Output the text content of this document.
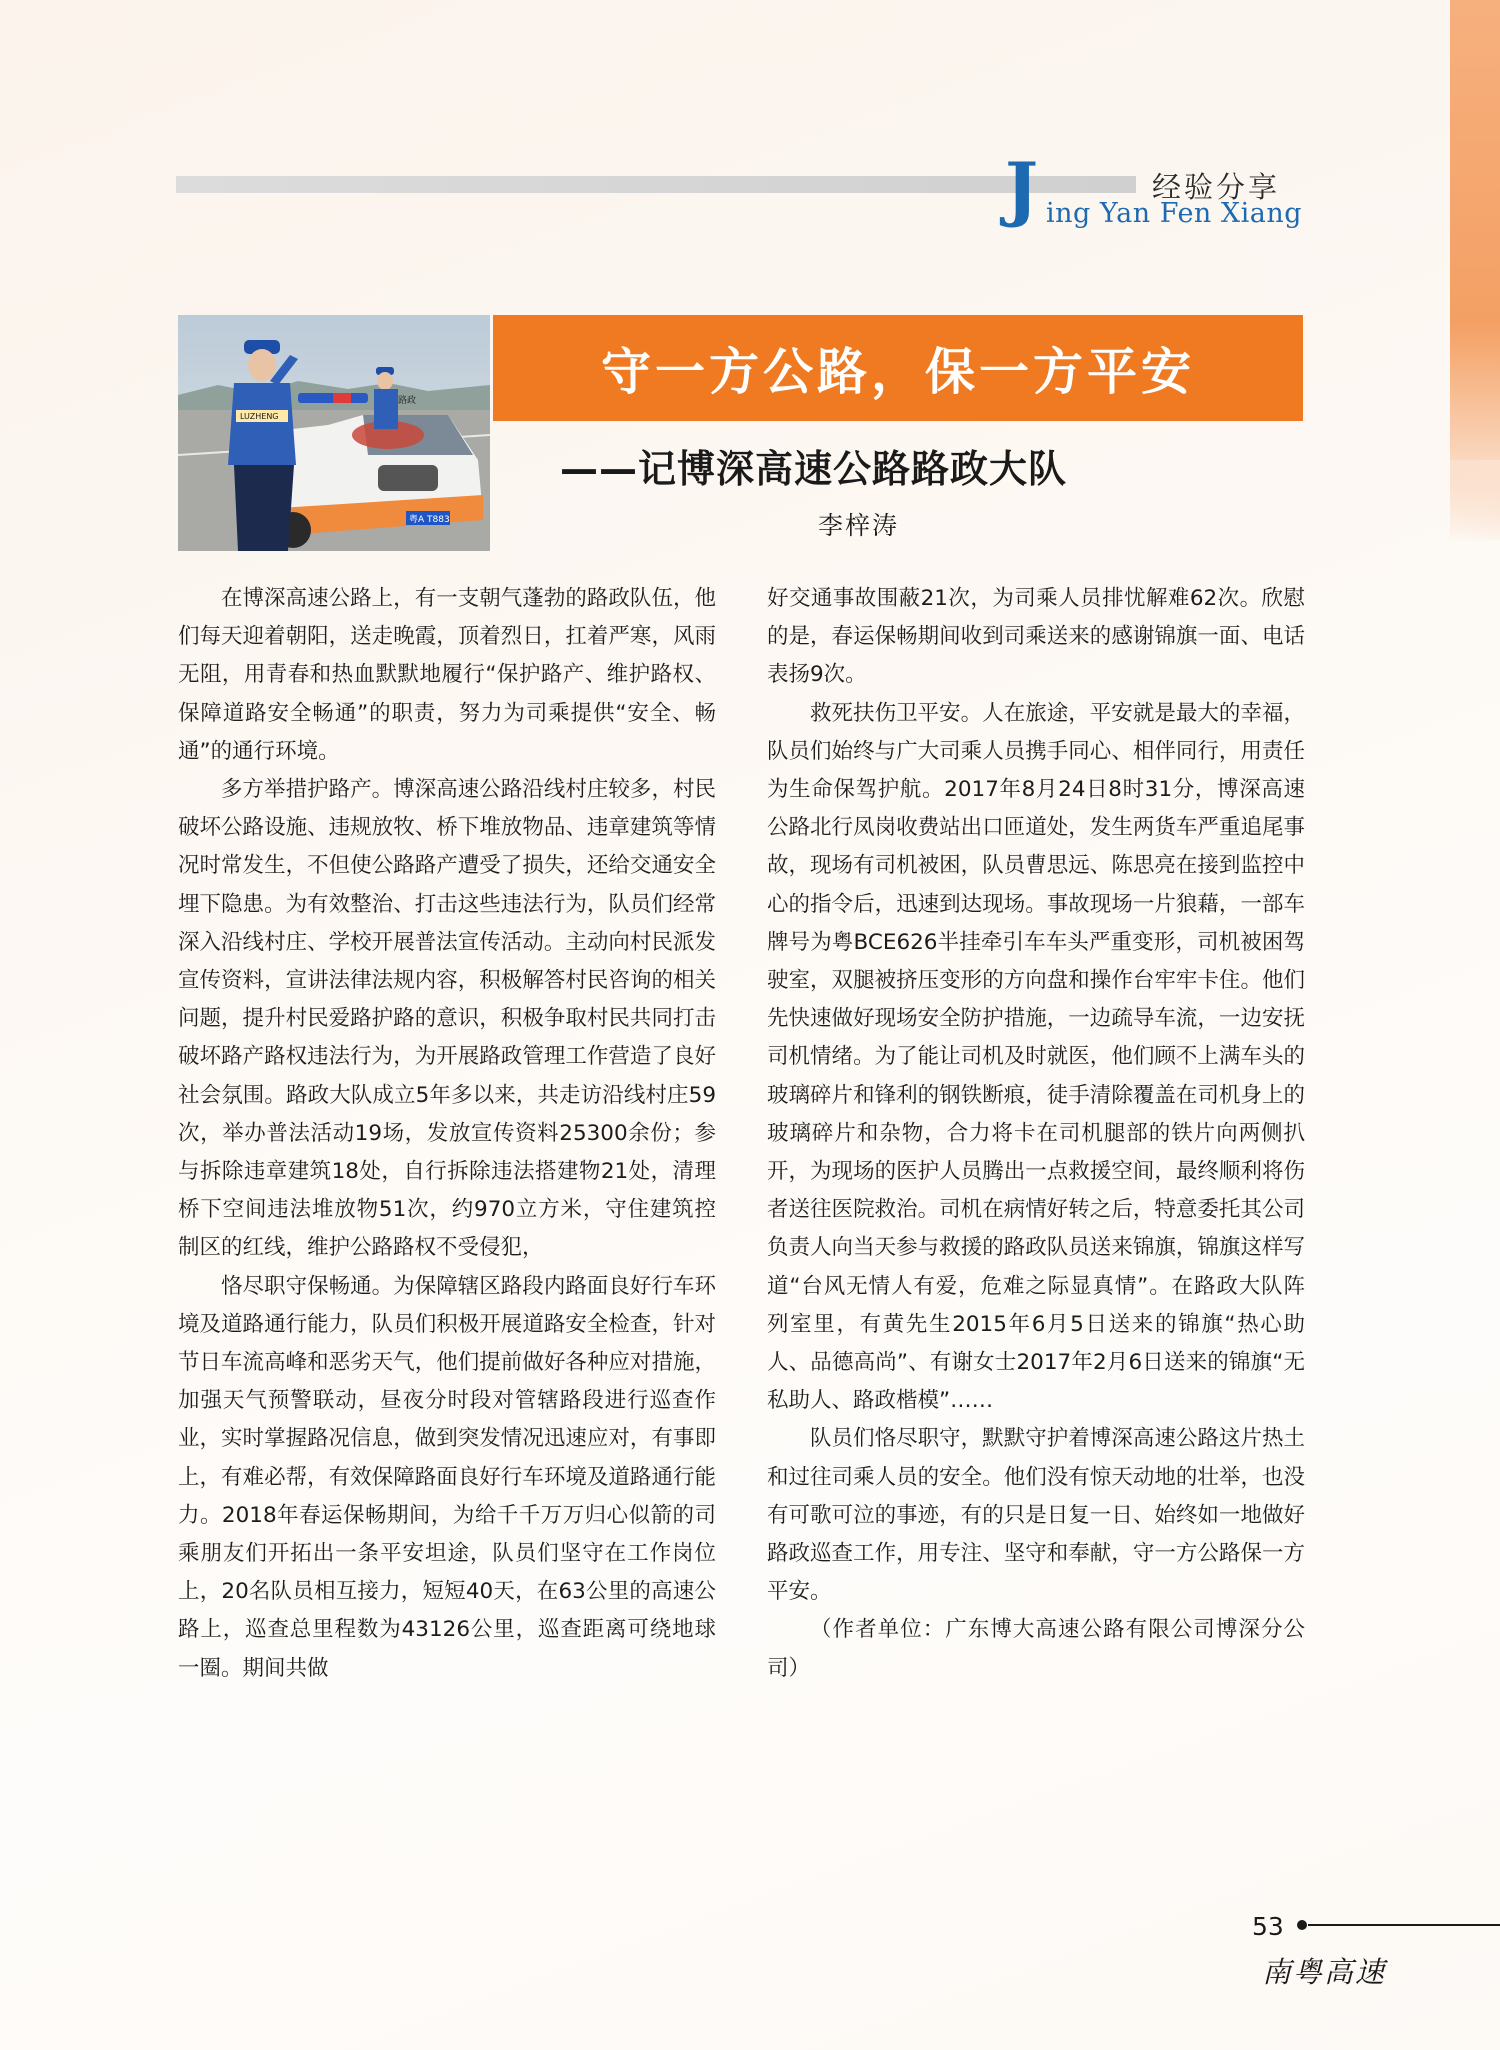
经验分享
J ing Yan Fen Xiang
粤A T883
LUZHENG
路政	守一方公路，保一方平安
——记博深高速公路路政大队
李梓涛

在博深高速公路上，有一支朝气蓬勃的路政队伍，他们每天迎着朝阳，送走晚霞，顶着烈日，扛着严寒，风雨无阻，用青春和热血默默地履行“保护路产、维护路权、保障道路安全畅通”的职责，努力为司乘提供“安全、畅通”的通行环境。

多方举措护路产。博深高速公路沿线村庄较多，村民破坏公路设施、违规放牧、桥下堆放物品、违章建筑等情况时常发生，不但使公路路产遭受了损失，还给交通安全埋下隐患。为有效整治、打击这些违法行为，队员们经常深入沿线村庄、学校开展普法宣传活动。主动向村民派发宣传资料，宣讲法律法规内容，积极解答村民咨询的相关问题，提升村民爱路护路的意识，积极争取村民共同打击破坏路产路权违法行为，为开展路政管理工作营造了良好社会氛围。路政大队成立5年多以来，共走访沿线村庄59次，举办普法活动19场，发放宣传资料25300余份；参与拆除违章建筑18处，自行拆除违法搭建物21处，清理桥下空间违法堆放物51次，约970立方米，守住建筑控制区的红线，维护公路路权不受侵犯，

恪尽职守保畅通。为保障辖区路段内路面良好行车环境及道路通行能力，队员们积极开展道路安全检查，针对节日车流高峰和恶劣天气，他们提前做好各种应对措施，加强天气预警联动，昼夜分时段对管辖路段进行巡查作业，实时掌握路况信息，做到突发情况迅速应对，有事即上，有难必帮，有效保障路面良好行车环境及道路通行能力。2018年春运保畅期间，为给千千万万归心似箭的司乘朋友们开拓出一条平安坦途，队员们坚守在工作岗位上，20名队员相互接力，短短40天，在63公里的高速公路上，巡查总里程数为43126公里，巡查距离可绕地球一圈。期间共做

好交通事故围蔽21次，为司乘人员排忧解难62次。欣慰的是，春运保畅期间收到司乘送来的感谢锦旗一面、电话表扬9次。

救死扶伤卫平安。人在旅途，平安就是最大的幸福，队员们始终与广大司乘人员携手同心、相伴同行，用责任为生命保驾护航。2017年8月24日8时31分，博深高速公路北行凤岗收费站出口匝道处，发生两货车严重追尾事故，现场有司机被困，队员曹思远、陈思亮在接到监控中心的指令后，迅速到达现场。事故现场一片狼藉，一部车牌号为粤BCE626半挂牵引车车头严重变形，司机被困驾驶室，双腿被挤压变形的方向盘和操作台牢牢卡住。他们先快速做好现场安全防护措施，一边疏导车流，一边安抚司机情绪。为了能让司机及时就医，他们顾不上满车头的玻璃碎片和锋利的钢铁断痕，徒手清除覆盖在司机身上的玻璃碎片和杂物，合力将卡在司机腿部的铁片向两侧扒开，为现场的医护人员腾出一点救援空间，最终顺利将伤者送往医院救治。司机在病情好转之后，特意委托其公司负责人向当天参与救援的路政队员送来锦旗，锦旗这样写道“台风无情人有爱，危难之际显真情”。在路政大队阵列室里，有黄先生2015年6月5日送来的锦旗“热心助人、品德高尚”、有谢女士2017年2月6日送来的锦旗“无私助人、路政楷模”……

队员们恪尽职守，默默守护着博深高速公路这片热土和过往司乘人员的安全。他们没有惊天动地的壮举，也没有可歌可泣的事迹，有的只是日复一日、始终如一地做好路政巡查工作，用专注、坚守和奉献，守一方公路保一方平安。

（作者单位：广东博大高速公路有限公司博深分公司）

53
南粤高速
